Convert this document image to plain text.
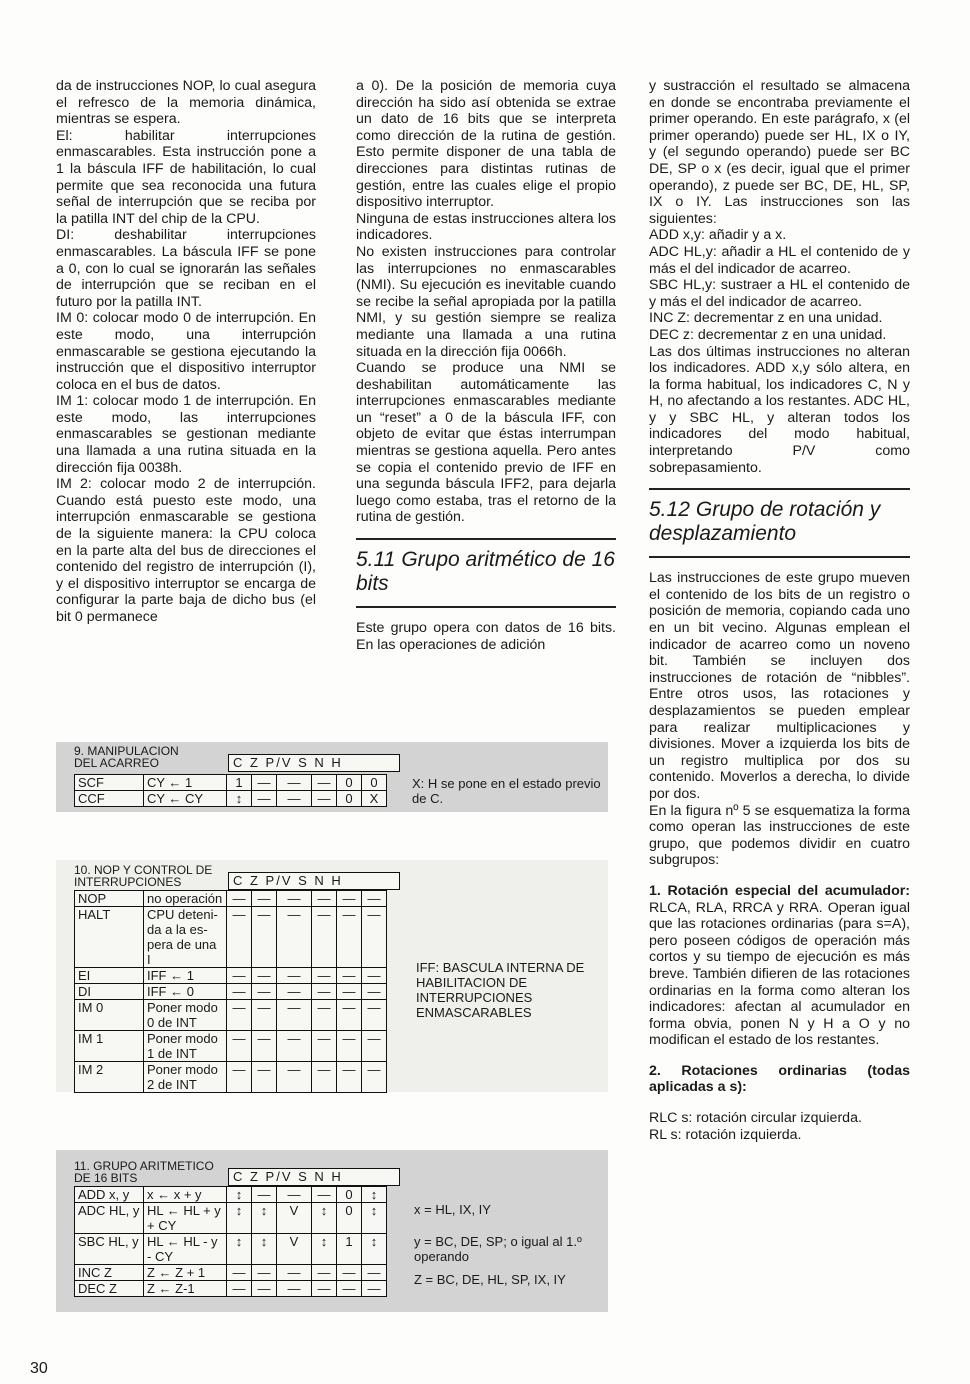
da de instrucciones NOP, lo cual asegura el refresco de la memoria dinámica, mientras se espera.

El: habilitar interrupciones enmascarables. Esta instrucción pone a 1 la báscula IFF de habilitación, lo cual permite que sea reconocida una futura señal de interrupción que se reciba por la patilla INT del chip de la CPU.

DI: deshabilitar interrupciones enmascarables. La báscula IFF se pone a 0, con lo cual se ignorarán las señales de interrupción que se reciban en el futuro por la patilla INT.

IM 0: colocar modo 0 de interrupción. En este modo, una interrupción enmascarable se gestiona ejecutando la instrucción que el dispositivo interruptor coloca en el bus de datos.

IM 1: colocar modo 1 de interrupción. En este modo, las interrupciones enmascarables se gestionan mediante una llamada a una rutina situada en la dirección fija 0038h.

IM 2: colocar modo 2 de interrupción. Cuando está puesto este modo, una interrupción enmascarable se gestiona de la siguiente manera: la CPU coloca en la parte alta del bus de direcciones el contenido del registro de interrupción (I), y el dispositivo interruptor se encarga de configurar la parte baja de dicho bus (el bit 0 permanece

a 0). De la posición de memoria cuya dirección ha sido así obtenida se extrae un dato de 16 bits que se interpreta como dirección de la rutina de gestión. Esto permite disponer de una tabla de direcciones para distintas rutinas de gestión, entre las cuales elige el propio dispositivo interruptor.

Ninguna de estas instrucciones altera los indicadores.

No existen instrucciones para controlar las interrupciones no enmascarables (NMI). Su ejecución es inevitable cuando se recibe la señal apropiada por la patilla NMI, y su gestión siempre se realiza mediante una llamada a una rutina situada en la dirección fija 0066h.

Cuando se produce una NMI se deshabilitan automáticamente las interrupciones enmascarables mediante un “reset” a 0 de la báscula IFF, con objeto de evitar que éstas interrumpan mientras se gestiona aquella. Pero antes se copia el contenido previo de IFF en una segunda báscula IFF2, para dejarla luego como estaba, tras el retorno de la rutina de gestión.

5.11 Grupo aritmético de 16 bits

Este grupo opera con datos de 16 bits. En las operaciones de adición

y sustracción el resultado se almacena en donde se encontraba previamente el primer operando. En este parágrafo, x (el primer operando) puede ser HL, IX o IY, y (el segundo operando) puede ser BC DE, SP o x (es decir, igual que el primer operando), z puede ser BC, DE, HL, SP, IX o IY. Las instrucciones son las siguientes:

ADD x,y: añadir y a x.

ADC HL,y: añadir a HL el contenido de y más el del indicador de acarreo.

SBC HL,y: sustraer a HL el contenido de y más el del indicador de acarreo.

INC Z: decrementar z en una unidad.

DEC z: decrementar z en una unidad.

Las dos últimas instrucciones no alteran los indicadores. ADD x,y sólo altera, en la forma habitual, los indicadores C, N y H, no afectando a los restantes. ADC HL, y y SBC HL, y alteran todos los indicadores del modo habitual, interpretando P/V como sobrepasamiento.

5.12 Grupo de rotación y desplazamiento

Las instrucciones de este grupo mueven el contenido de los bits de un registro o posición de memoria, copiando cada uno en un bit vecino. Algunas emplean el indicador de acarreo como un noveno bit. También se incluyen dos instrucciones de rotación de “nibbles”. Entre otros usos, las rotaciones y desplazamientos se pueden emplear para realizar multiplicaciones y divisiones. Mover a izquierda los bits de un registro multiplica por dos su contenido. Moverlos a derecha, lo divide por dos.

En la figura nº 5 se esquematiza la forma como operan las instrucciones de este grupo, que podemos dividir en cuatro subgrupos:

1. Rotación especial del acumulador: RLCA, RLA, RRCA y RRA. Operan igual que las rotaciones ordinarias (para s=A), pero poseen códigos de operación más cortos y su tiempo de ejecución es más breve. También difieren de las rotaciones ordinarias en la forma como alteran los indicadores: afectan al acumulador en forma obvia, ponen N y H a O y no modifican el estado de los restantes.

2. Rotaciones ordinarias (todas aplicadas a s):

RLC s: rotación circular izquierda.

RL s: rotación izquierda.

9. MANIPULACION
DEL ACARREO	C Z P/V S N H
SCF	CY ← 1	1	—	—	—	0	0
CCF	CY ← CY	↕	—	—	—	0	X
X: H se pone en el estado previo de C.
10. NOP Y CONTROL DE
INTERRUPCIONES	C Z P/V S N H
NOP	no operación	—	—	—	—	—	—
HALT	CPU deteni-da a la es-pera de una I	—	—	—	—	—	—
EI	IFF ← 1	—	—	—	—	—	—
DI	IFF ← 0	—	—	—	—	—	—
IM 0	Poner modo 0 de INT	—	—	—	—	—	—
IM 1	Poner modo 1 de INT	—	—	—	—	—	—
IM 2	Poner modo 2 de INT	—	—	—	—	—	—
IFF: BASCULA INTERNA DE HABILITACION DE INTERRUPCIONES ENMASCARABLES
11. GRUPO ARITMETICO
DE 16 BITS	C Z P/V S N H
ADD x, y	x ← x + y	↕	—	—	—	0	↕
ADC HL, y	HL ← HL + y + CY	↕	↕	V	↕	0	↕
SBC HL, y	HL ← HL - y - CY	↕	↕	V	↕	1	↕
INC Z	Z ← Z + 1	—	—	—	—	—	—
DEC Z	Z ← Z-1	—	—	—	—	—	—
x = HL, IX, IY
y = BC, DE, SP; o igual al 1.º operando
Z = BC, DE, HL, SP, IX, IY
30
